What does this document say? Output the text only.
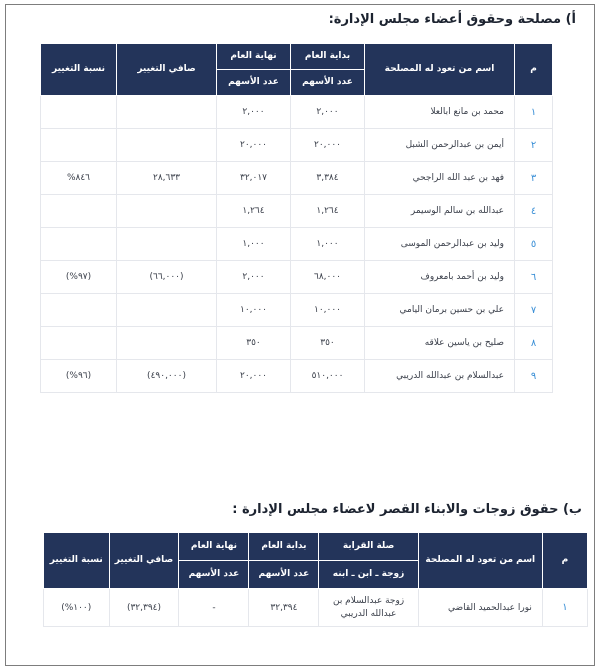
أ) مصلحة وحقوق أعضاء مجلس الإدارة:
م	اسم من تعود له المصلحة	بداية العام	نهاية العام	صافي التغيير	نسبة التغيير
		عدد الأسهم	عدد الأسهم		
١	محمد بن مانع ابالعلا	٢,٠٠٠	٢,٠٠٠		
٢	أيمن بن عبدالرحمن الشبل	٢٠,٠٠٠	٢٠,٠٠٠		
٣	فهد بن عبد الله الراجحي	٣,٣٨٤	٣٢,٠١٧	٢٨,٦٣٣	٨٤٦%
٤	عبدالله بن سالم الوسيمر	١,٢٦٤	١,٢٦٤		
٥	وليد بن عبدالرحمن الموسى	١,٠٠٠	١,٠٠٠		
٦	وليد بن أحمد بامعروف	٦٨,٠٠٠	٢,٠٠٠	(٦٦,٠٠٠)	(٩٧%)
٧	علي بن حسين برمان اليامي	١٠,٠٠٠	١٠,٠٠٠		
٨	صليح بن ياسين علاقه	٣٥٠	٣٥٠		
٩	عبدالسلام بن عبدالله الدريبي	٥١٠,٠٠٠	٢٠,٠٠٠	(٤٩٠,٠٠٠)	(٩٦%)
ب) حقوق زوجات والابناء القصر لاعضاء مجلس الإدارة :
م	اسم من تعود له المصلحة	صلة القرابة	بداية العام	نهاية العام	صافي التغيير	نسبة التغيير
		زوجة ـ ابن ـ ابنه	عدد الأسهم	عدد الأسهم		
١	نورا عبدالحميد القاضي	زوجة عبدالسلام بن عبدالله الدريبي	٣٢,٣٩٤	-	(٣٢,٣٩٤)	(١٠٠%)
